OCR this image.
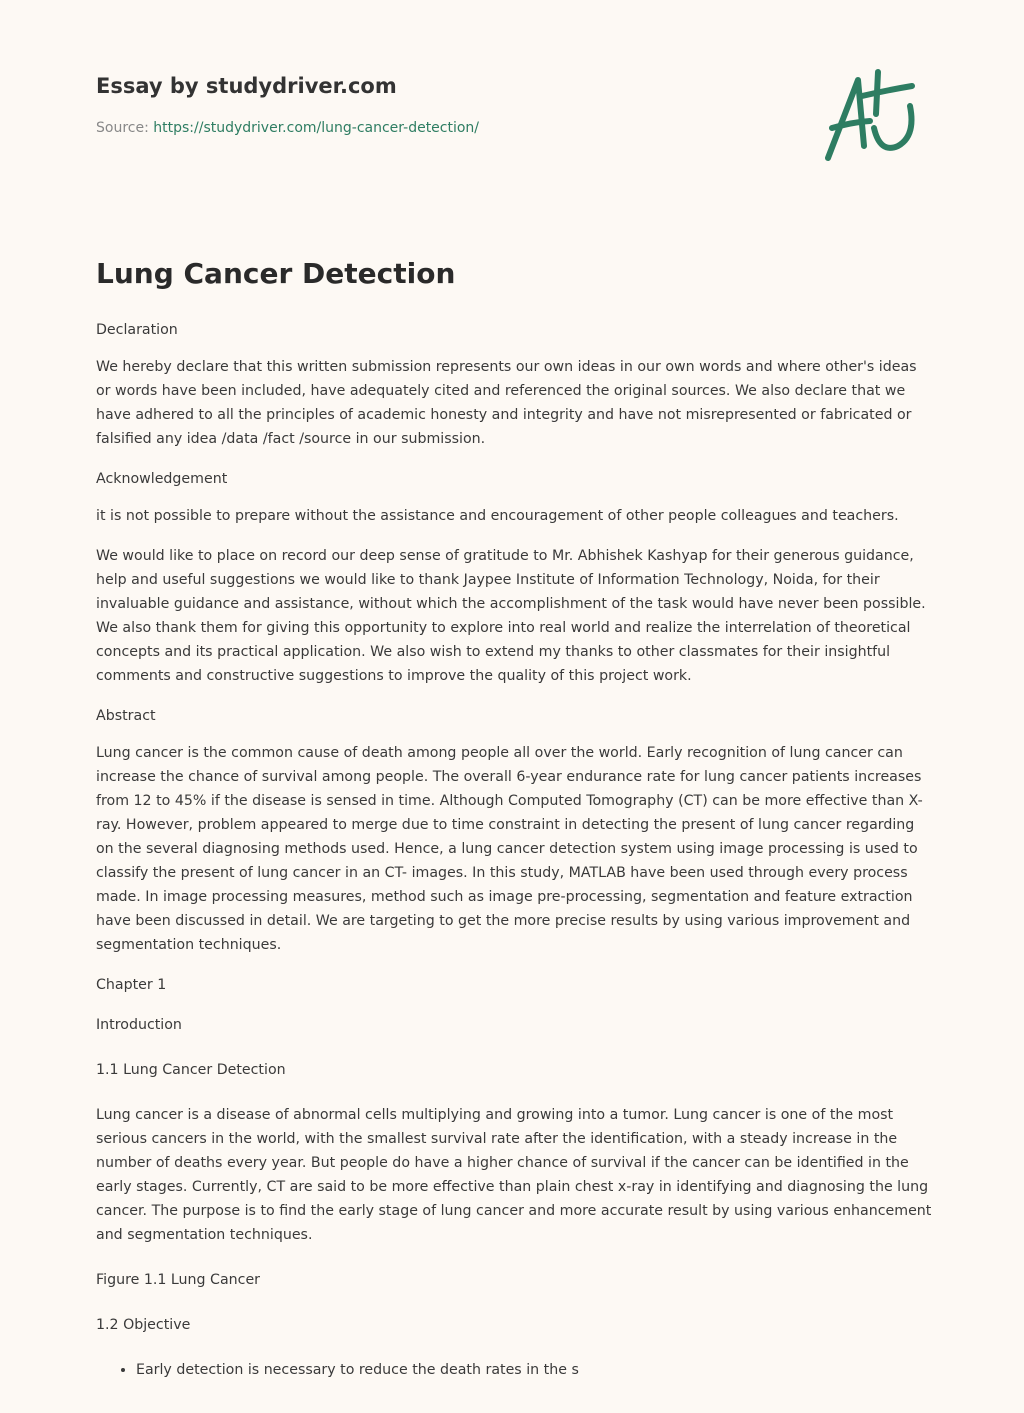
Essay by studydriver.com
Source: https://studydriver.com/lung-cancer-detection/
Lung Cancer Detection

Declaration

We hereby declare that this written submission represents our own ideas in our own words and where other's ideas or words have been included, have adequately cited and referenced the original sources. We also declare that we have adhered to all the principles of academic honesty and integrity and have not misrepresented or fabricated or falsified any idea /data /fact /source in our submission.

Acknowledgement

it is not possible to prepare without the assistance and encouragement of other people colleagues and teachers.

We would like to place on record our deep sense of gratitude to Mr. Abhishek Kashyap for their generous guidance, help and useful suggestions we would like to thank Jaypee Institute of Information Technology, Noida, for their invaluable guidance and assistance, without which the accomplishment of the task would have never been possible. We also thank them for giving this opportunity to explore into real world and realize the interrelation of theoretical concepts and its practical application. We also wish to extend my thanks to other classmates for their insightful comments and constructive suggestions to improve the quality of this project work.

Abstract

Lung cancer is the common cause of death among people all over the world. Early recognition of lung cancer can increase the chance of survival among people. The overall 6-year endurance rate for lung cancer patients increases from 12 to 45% if the disease is sensed in time. Although Computed Tomography (CT) can be more effective than X-ray. However, problem appeared to merge due to time constraint in detecting the present of lung cancer regarding on the several diagnosing methods used. Hence, a lung cancer detection system using image processing is used to classify the present of lung cancer in an CT- images. In this study, MATLAB have been used through every process made. In image processing measures, method such as image pre-processing, segmentation and feature extraction have been discussed in detail. We are targeting to get the more precise results by using various improvement and segmentation techniques.

Chapter 1

Introduction

1.1 Lung Cancer Detection

Lung cancer is a disease of abnormal cells multiplying and growing into a tumor. Lung cancer is one of the most serious cancers in the world, with the smallest survival rate after the identification, with a steady increase in the number of deaths every year. But people do have a higher chance of survival if the cancer can be identified in the early stages. Currently, CT are said to be more effective than plain chest x-ray in identifying and diagnosing the lung cancer. The purpose is to find the early stage of lung cancer and more accurate result by using various enhancement and segmentation techniques.

Figure 1.1 Lung Cancer

1.2 Objective

• Early detection is necessary to reduce the death rates in the s
